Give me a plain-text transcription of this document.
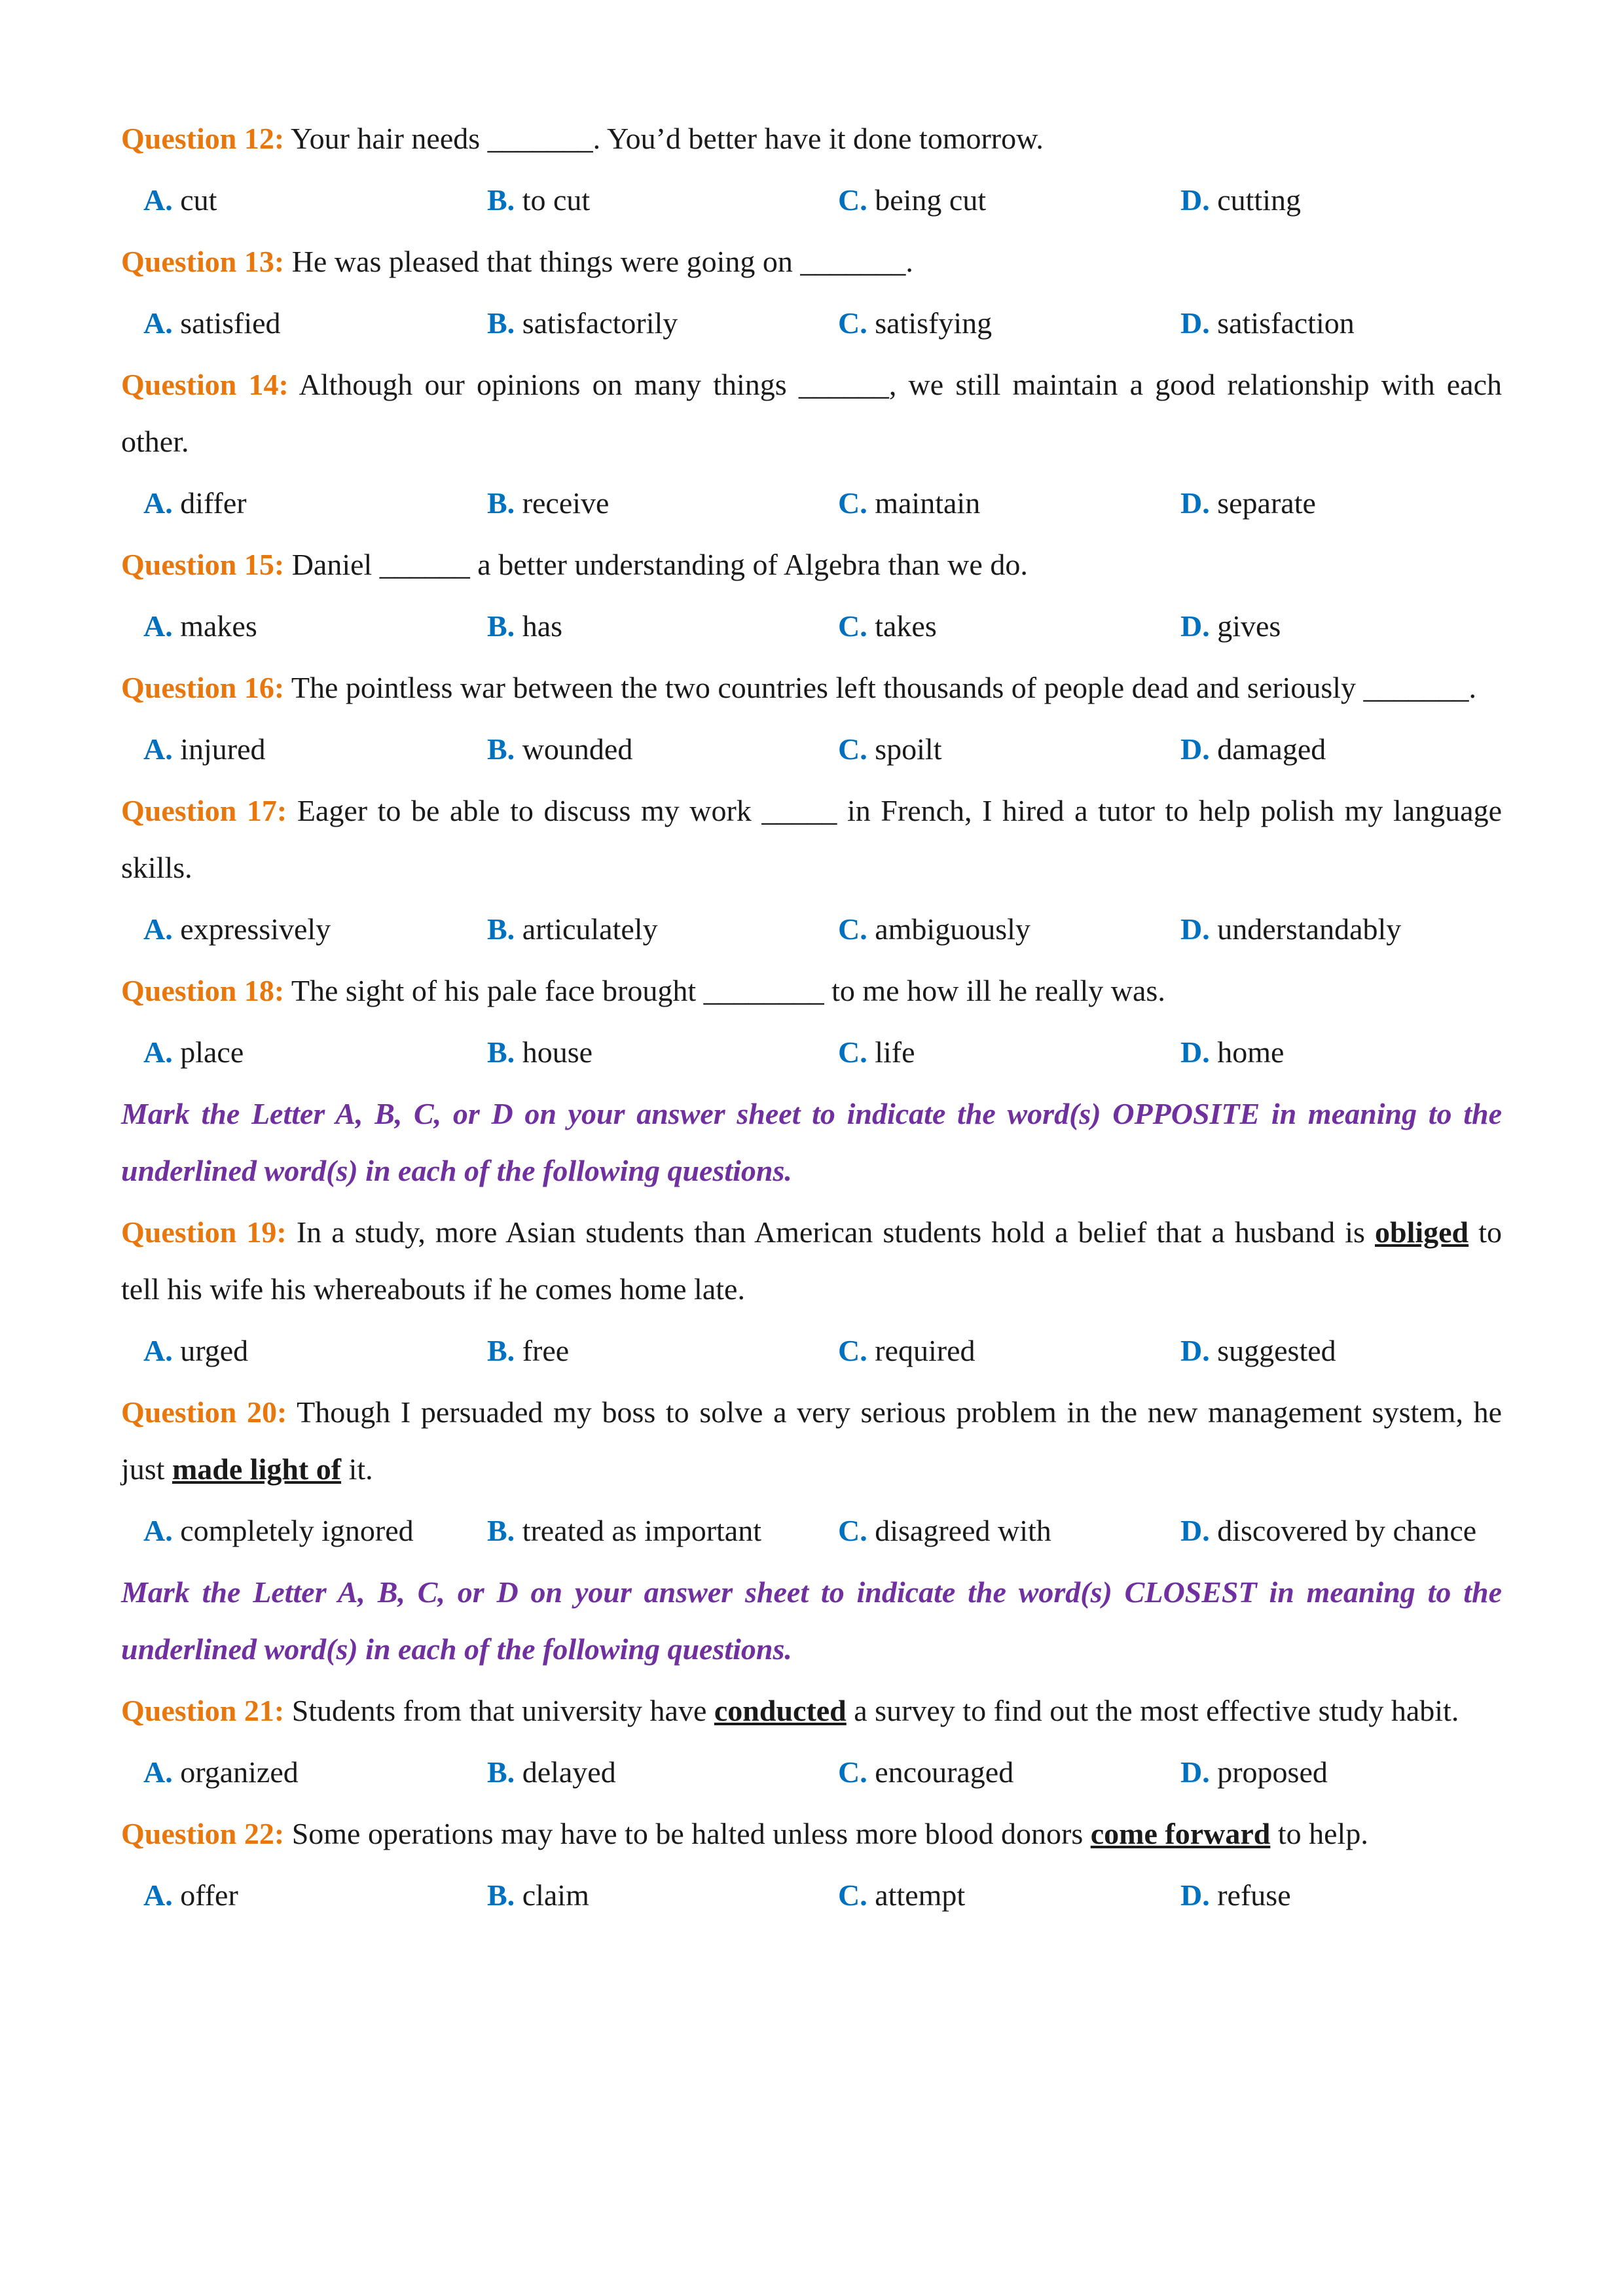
Question 12: Your hair needs _______. You’d better have it done tomorrow.

A. cut	B. to cut	C. being cut	D. cutting

Question 13: He was pleased that things were going on _______.

A. satisfied	B. satisfactorily	C. satisfying	D. satisfaction

Question 14: Although our opinions on many things ______, we still maintain a good relationship with each other.

A. differ	B. receive	C. maintain	D. separate

Question 15: Daniel ______ a better understanding of Algebra than we do.

A. makes	B. has	C. takes	D. gives

Question 16: The pointless war between the two countries left thousands of people dead and seriously _______.

A. injured	B. wounded	C. spoilt	D. damaged

Question 17: Eager to be able to discuss my work _____ in French, I hired a tutor to help polish my language skills.

A. expressively	B. articulately	C. ambiguously	D. understandably

Question 18: The sight of his pale face brought ________ to me how ill he really was.

A. place	B. house	C. life	D. home

Mark the Letter A, B, C, or D on your answer sheet to indicate the word(s) OPPOSITE in meaning to the underlined word(s) in each of the following questions.

Question 19: In a study, more Asian students than American students hold a belief that a husband is obliged to tell his wife his whereabouts if he comes home late.

A. urged	B. free	C. required	D. suggested

Question 20: Though I persuaded my boss to solve a very serious problem in the new management system, he just made light of it.

A. completely ignored	B. treated as important	C. disagreed with	D. discovered by chance

Mark the Letter A, B, C, or D on your answer sheet to indicate the word(s) CLOSEST in meaning to the underlined word(s) in each of the following questions.

Question 21: Students from that university have conducted a survey to find out the most effective study habit.

A. organized	B. delayed	C. encouraged	D. proposed

Question 22: Some operations may have to be halted unless more blood donors come forward to help.

A. offer	B. claim	C. attempt	D. refuse
